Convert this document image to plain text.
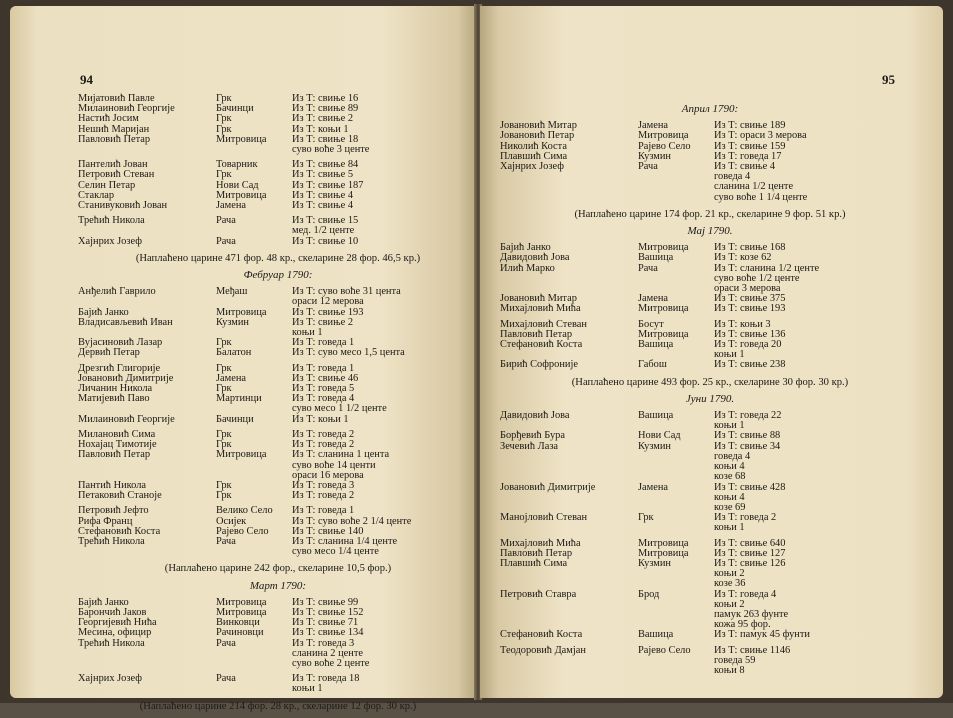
94
Мијатовић Павле	Грк	Из Т: свиње 16
Милаиновић Георгије	Бачинци	Из Т: свиње 89
Настић Јосим	Грк	Из Т: свиње 2
Нешић Маријан	Грк	Из Т: коњи 1
Павловић Петар	Митровица	Из Т: свиње 18
суво воће 3 центе
Пантелић Јован	Товарник	Из Т: свиње 84
Петровић Стеван	Грк	Из Т: свиње 5
Селин Петар	Нови Сад	Из Т: свиње 187
Стаклар	Митровица	Из Т: свиње 4
Станивуковић Јован	Јамена	Из Т: свиње 4
Трећић Никола	Рача	Из Т: свиње 15
мед. 1/2 центе
Хајнрих Јозеф	Рача	Из Т: свиње 10
(Наплаћено царине 471 фор. 48 кр., скеларине 28 фор. 46,5 кр.)
Фебруар 1790:
Анђелић Гаврило	Међаш	Из Т: суво воће 31 цента
ораси 12 мерова
Бајић Јанко	Митровица	Из Т: свиње 193
Владисављевић Иван	Кузмин	Из Т: свиње 2
коњи 1
Вујасиновић Лазар	Грк	Из Т: говеда 1
Дервић Петар	Балатон	Из Т: суво месо 1,5 цента
Дрезгић Глигорије	Грк	Из Т: говеда 1
Јовановић Димитрије	Јамена	Из Т: свиње 46
Личанин Никола	Грк	Из Т: говеда 5
Матијевић Паво	Мартинци	Из Т: говеда 4
суво месо 1 1/2 центе
Милаиновић Георгије	Бачинци	Из Т: коњи 1
Милановић Сима	Грк	Из Т: говеда 2
Нохајац Тимотије	Грк	Из Т: говеда 2
Павловић Петар	Митровица	Из Т: сланина 1 цента
суво воће 14 центи
ораси 16 мерова
Пантић Никола	Грк	Из Т: говеда 3
Петаковић Станоје	Грк	Из Т: говеда 2
Петровић Јефто	Велико Село	Из Т: говеда 1
Рифа Франц	Осијек	Из Т: суво воће 2 1/4 центе
Стефановић Коста	Рајево Село	Из Т: свиње 140
Трећић Никола	Рача	Из Т: сланина 1/4 центе
суво месо 1/4 центе
(Наплаћено царине 242 фор., скеларине 10,5 фор.)
Март 1790:
Бајић Јанко	Митровица	Из Т: свиње 99
Барончић Јаков	Митровица	Из Т: свиње 152
Георгијевић Нића	Винковци	Из Т: свиње 71
Месина, официр	Рачиновци	Из Т: свиње 134
Трећић Никола	Рача	Из Т: говеда 3
сланина 2 центе
суво воће 2 центе
Хајнрих Јозеф	Рача	Из Т: говеда 18
коњи 1
(Наплаћено царине 214 фор. 28 кр., скеларине 12 фор. 30 кр.)
95
Април 1790:
Јовановић Митар	Јамена	Из Т: свиње 189
Јовановић Петар	Митровица	Из Т: ораси 3 мерова
Николић Коста	Рајево Село	Из Т: свиње 159
Плавшић Сима	Кузмин	Из Т: говеда 17
Хајнрих Јозеф	Рача	Из Т: свиње 4
говеда 4
сланина 1/2 центе
суво воће 1 1/4 центе
(Наплаћено царине 174 фор. 21 кр., скеларине 9 фор. 51 кр.)
Мај 1790.
Бајић Јанко	Митровица	Из Т: свиње 168
Давидовић Јова	Вашица	Из Т: козе 62
Илић Марко	Рача	Из Т: сланина 1/2 центе
суво воће 1/2 центе
ораси 3 мерова
Јовановић Митар	Јамена	Из Т: свиње 375
Михајловић Мића	Митровица	Из Т: свиње 193
Михајловић Стеван	Босут	Из Т: коњи 3
Павловић Петар	Митровица	Из Т: свиње 136
Стефановић Коста	Вашица	Из Т: говеда 20
коњи 1
Бирић Софроније	Габош	Из Т: свиње 238
(Наплаћено царине 493 фор. 25 кр., скеларине 30 фор. 30 кр.)
Јуни 1790.
Давидовић Јова	Вашица	Из Т: говеда 22
коњи 1
Борђевић Бура	Нови Сад	Из Т: свиње 88
Зечевић Лаза	Кузмин	Из Т: свиње 34
говеда 4
коњи 4
козе 68
Јовановић Димитрије	Јамена	Из Т: свиње 428
коњи 4
козе 69
Манојловић Стеван	Грк	Из Т: говеда 2
коњи 1
Михајловић Мића	Митровица	Из Т: свиње 640
Павловић Петар	Митровица	Из Т: свиње 127
Плавшић Сима	Кузмин	Из Т: свиње 126
коњи 2
козе 36
Петровић Ставра	Брод	Из Т: говеда 4
коњи 2
памук 263 фунте
кожа 95 фор.
Стефановић Коста	Вашица	Из Т: памук 45 фунти
Теодоровић Дамјан	Рајево Село	Из Т: свиње 1146
говеда 59
коњи 8
